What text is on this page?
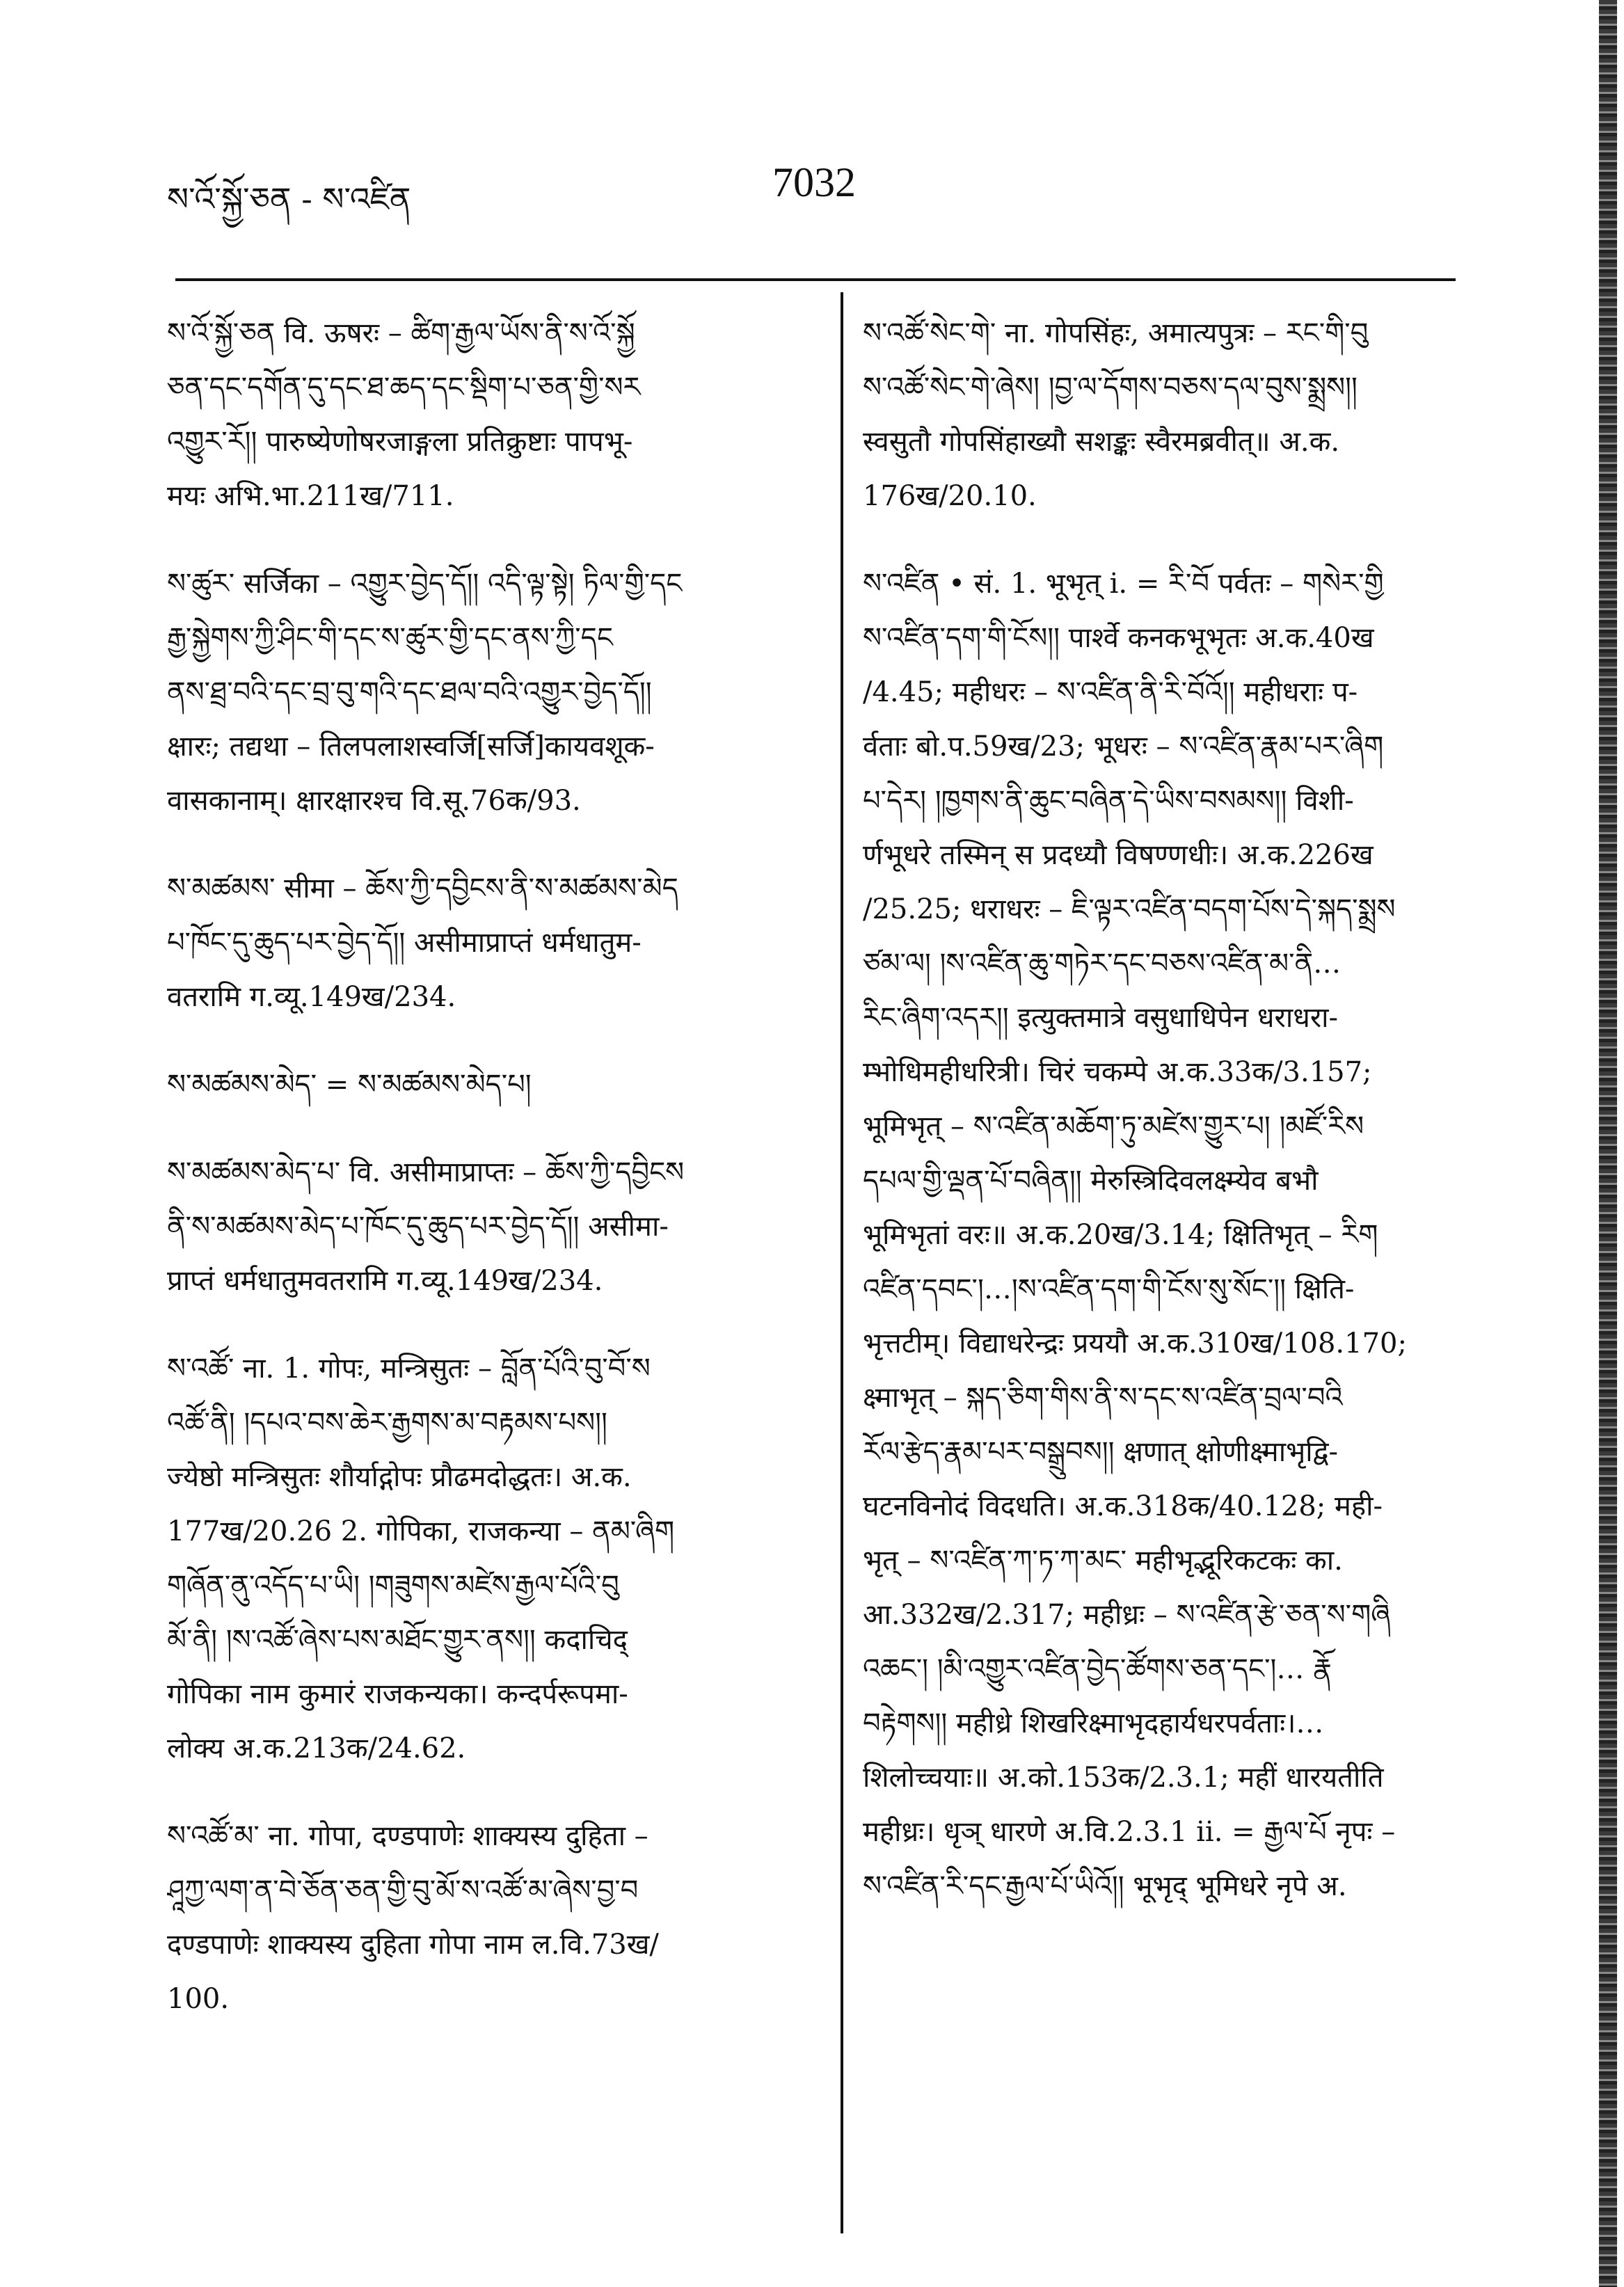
ས་འོ་སྐྱོ་ཅན - ས་འཛིན	7032
ས་འོ་སྐྱོ་ཅན वि. ऊषरः – ཚིག་རྒྱལ་ཡོས་ནི་ས་འོ་སྐྱོ
ཅན་དང་དགོན་དུ་དང་ཐ་ཆད་དང་སྡིག་པ་ཅན་གྱི་སར
འགྱུར་རོ།། पारुष्येणोषरजाङ्गला प्रतिक्रुष्टाः पापभू-
मयः अभि.भा.211ख/711.
ས་ཚུར་ सर्जिका – འགྱུར་བྱེད་དོ།། འདི་ལྟ་སྟེ། ཏིལ་གྱི་དང
རྒྱ་སྐྱེགས་ཀྱི་ཤིང་གི་དང་ས་ཚུར་གྱི་དང་ནས་ཀྱི་དང
ནས་ཐྲ་བའི་དང་བྲ་བུ་གའི་དང་ཐལ་བའི་འགྱུར་བྱེད་དོ།།
क्षारः; तद्यथा – तिलपलाशस्वर्जि[सर्जि]कायवशूक-
वासकानाम्। क्षारक्षारश्च वि.सू.76क/93.
ས་མཚམས་ सीमा – ཆོས་ཀྱི་དབྱིངས་ནི་ས་མཚམས་མེད
པ་ཁོང་དུ་ཆུད་པར་བྱེད་དོ།། असीमाप्राप्तं धर्मधातुम-
वतरामि ग.व्यू.149ख/234.
ས་མཚམས་མེད་ = ས་མཚམས་མེད་པ།
ས་མཚམས་མེད་པ་ वि. असीमाप्राप्तः – ཆོས་ཀྱི་དབྱིངས
ནི་ས་མཚམས་མེད་པ་ཁོང་དུ་ཆུད་པར་བྱེད་དོ།། असीमा-
प्राप्तं धर्मधातुमवतरामि ग.व्यू.149ख/234.
ས་འཚོ་ ना. 1. गोपः, मन्त्रिसुतः – བློན་པོའི་བུ་བོ་ས
འཚོ་ནི། །དཔའ་བས་ཆེར་རྒྱགས་མ་བརྟམས་པས།།
ज्येष्ठो मन्त्रिसुतः शौर्याद्गोपः प्रौढमदोद्धतः। अ.क.
177ख/20.26 2. गोपिका, राजकन्या – ནམ་ཞིག
གཞོན་ནུ་འདོད་པ་ཡི། །གཟུགས་མཛེས་རྒྱལ་པོའི་བུ
མོ་ནི། །ས་འཚོ་ཞེས་པས་མཐོང་གྱུར་ནས།། कदाचिद्
गोपिका नाम कुमारं राजकन्यका। कन्दर्परूपमा-
लोक्य अ.क.213क/24.62.
ས་འཚོ་མ་ ना. गोपा, दण्डपाणेः शाक्यस्य दुहिता –
ཤཱཀྱ་ལག་ན་བེ་ཅོན་ཅན་གྱི་བུ་མོ་ས་འཚོ་མ་ཞེས་བྱ་བ
दण्डपाणेः शाक्यस्य दुहिता गोपा नाम ल.वि.73ख/
100.
ས་འཚོ་སེང་གེ་ ना. गोपसिंहः, अमात्यपुत्रः – རང་གི་བུ
ས་འཚོ་སེང་གེ་ཞེས། །བྱ་ལ་དོགས་བཅས་དལ་བུས་སྨྲས།།
स्वसुतौ गोपसिंहाख्यौ सशङ्कः स्वैरमब्रवीत्॥ अ.क.
176ख/20.10.
ས་འཛིན • सं. 1. भूभृत् i. = རི་བོ पर्वतः – གསེར་གྱི
ས་འཛིན་དག་གི་ངོས།། पार्श्वे कनकभूभृतः अ.क.40ख
/4.45; महीधरः – ས་འཛིན་ནི་རི་བོའོ།། महीधराः प-
र्वताः बो.प.59ख/23; भूधरः – ས་འཛིན་རྣམ་པར་ཞིག
པ་དེར། །ཁྱགས་ནི་ཆུང་བཞིན་དེ་ཡིས་བསམས།། विशी-
र्णभूधरे तस्मिन् स प्रदध्यौ विषण्णधीः। अ.क.226ख
/25.25; धराधरः – ཇི་ལྟར་འཛིན་བདག་པོས་དེ་སྐད་སྨྲས
ཙམ་ལ། །ས་འཛིན་ཆུ་གཏེར་དང་བཅས་འཛིན་མ་ནི…
རིང་ཞིག་འདར།། इत्युक्तमात्रे वसुधाधिपेन धराधरा-
म्भोधिमहीधरित्री। चिरं चकम्पे अ.क.33क/3.157;
भूमिभृत् – ས་འཛིན་མཆོག་ཏུ་མཛེས་གྱུར་པ། །མཛོ་རིས
དཔལ་གྱི་ལྡན་པོ་བཞིན།། मेरुस्त्रिदिवलक्ष्म्येव बभौ
भूमिभृतां वरः॥ अ.क.20ख/3.14; क्षितिभृत् – རིག
འཛིན་དབང་།…།ས་འཛིན་དག་གི་ངོས་སུ་སོང་།། क्षिति-
भृत्तटीम्। विद्याधरेन्द्रः प्रययौ अ.क.310ख/108.170;
क्ष्माभृत् – སྐད་ཅིག་གིས་ནི་ས་དང་ས་འཛིན་བྲལ་བའི
རོལ་རྩེད་རྣམ་པར་བསྒྲུབས།། क्षणात् क्षोणीक्ष्माभृद्वि-
घटनविनोदं विदधति। अ.क.318क/40.128; मही-
भृत् – ས་འཛིན་ཀ་ཏ་ཀ་མང་ महीभृद्भूरिकटकः का.
आ.332ख/2.317; महीध्रः – ས་འཛིན་རྩེ་ཅན་ས་གཞི
འཆང་། །མི་འགྱུར་འཛིན་བྱེད་ཚོགས་ཅན་དང་།… རྣོ
བརྟེགས།། महीध्रे शिखरिक्ष्माभृदहार्यधरपर्वताः।…
शिलोच्चयाः॥ अ.को.153क/2.3.1; महीं धारयतीति
महीध्रः। धृञ् धारणे अ.वि.2.3.1 ii. = རྒྱལ་པོ नृपः –
ས་འཛིན་རི་དང་རྒྱལ་པོ་ཡིའོ།། भूभृद् भूमिधरे नृपे अ.
